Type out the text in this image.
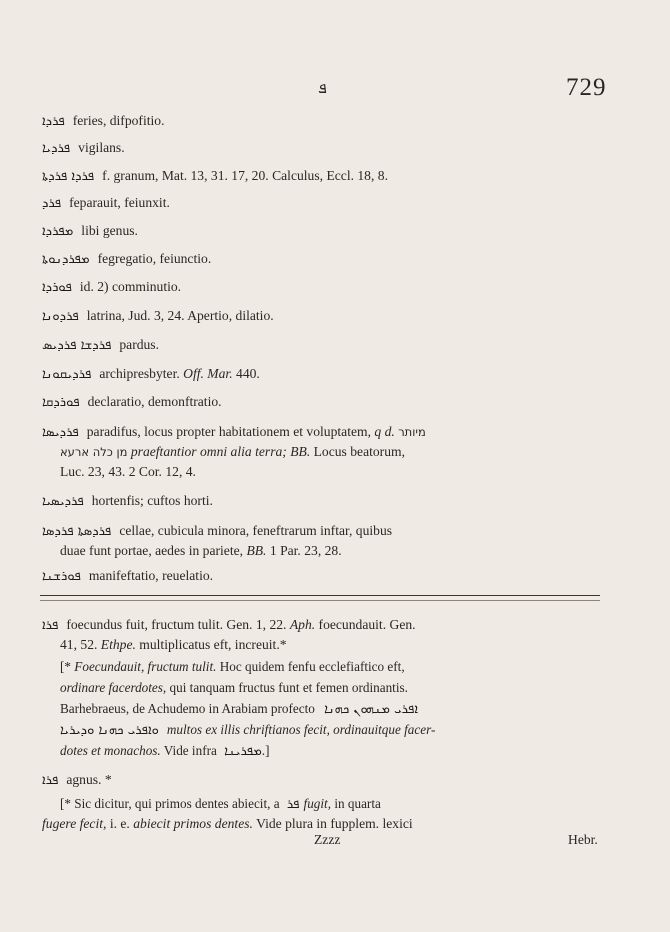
ܦ	729
ܦܪܕܐ feries, difpofitio.
ܦܪܕܝܐ vigilans.
ܦܪܕܐ ܦܪܕܬܐ f. granum, Mat. 13, 31. 17, 20. Calculus, Eccl. 18, 8.
ܦܪܕ feparauit, feiunxit.
ܡܦܪܕܐ libi genus.
ܡܦܪܕܢܘܬܐ fegregatio, feiunctio.
ܦܘܪܕܐ id. 2) comminutio.
ܦܪܕܘܢܐ latrina, Jud. 3, 24. Apertio, dilatio.
ܦܪܕܫܐ ܦܪܕܝܣ pardus.
ܦܪܕܝܩܘܢܐ archipresbyter. Off. Mar. 440.
ܦܘܪܕܩܐ declaratio, demonftratio.
ܦܪܕܝܣܐ paradifus, locus propter habitationem et voluptatem, q d. מיותר
מן כלה ארעא praeftantior omni alia terra; BB. Locus beatorum,
Luc. 23, 43. 2 Cor. 12, 4.
ܦܪܕܝܣܝܐ hortenfis; cuftos horti.
ܦܪܕܣܬܐ ܦܪܕܣܐ cellae, cubicula minora, feneftrarum inftar, quibus
duae funt portae, aedes in pariete, BB. 1 Par. 23, 28.
ܦܘܪܫܢܐ manifeftatio, reuelatio.
ܦܪܐ foecundus fuit, fructum tulit. Gen. 1, 22. Aph. foecundauit. Gen.
41, 52. Ethpe. multiplicatus eft, increuit.*
[* Foecundauit, fructum tulit. Hoc quidem fenfu ecclefiaftico eft,
ordinare facerdotes, qui tanquam fructus funt et femen ordinantis.
Barhebraeus, de Achudemo in Arabiam profecto ܐܦܪܝ ܡܢܗܘܢ ܟܗܢܐ
ܘܐܦܪܝ ܟܗܢܐ ܘܕܝܪܝܐ multos ex illis chriftianos fecit, ordinauitque facer-
dotes et monachos. Vide infra ܡܦܪܝܢܐ.]
ܦܪܐ agnus. *
[* Sic dicitur, qui primos dentes abiecit, a ܦܪ fugit, in quarta
fugere fecit, i. e. abiecit primos dentes. Vide plura in fupplem. lexici
Zzzz	Hebr.
